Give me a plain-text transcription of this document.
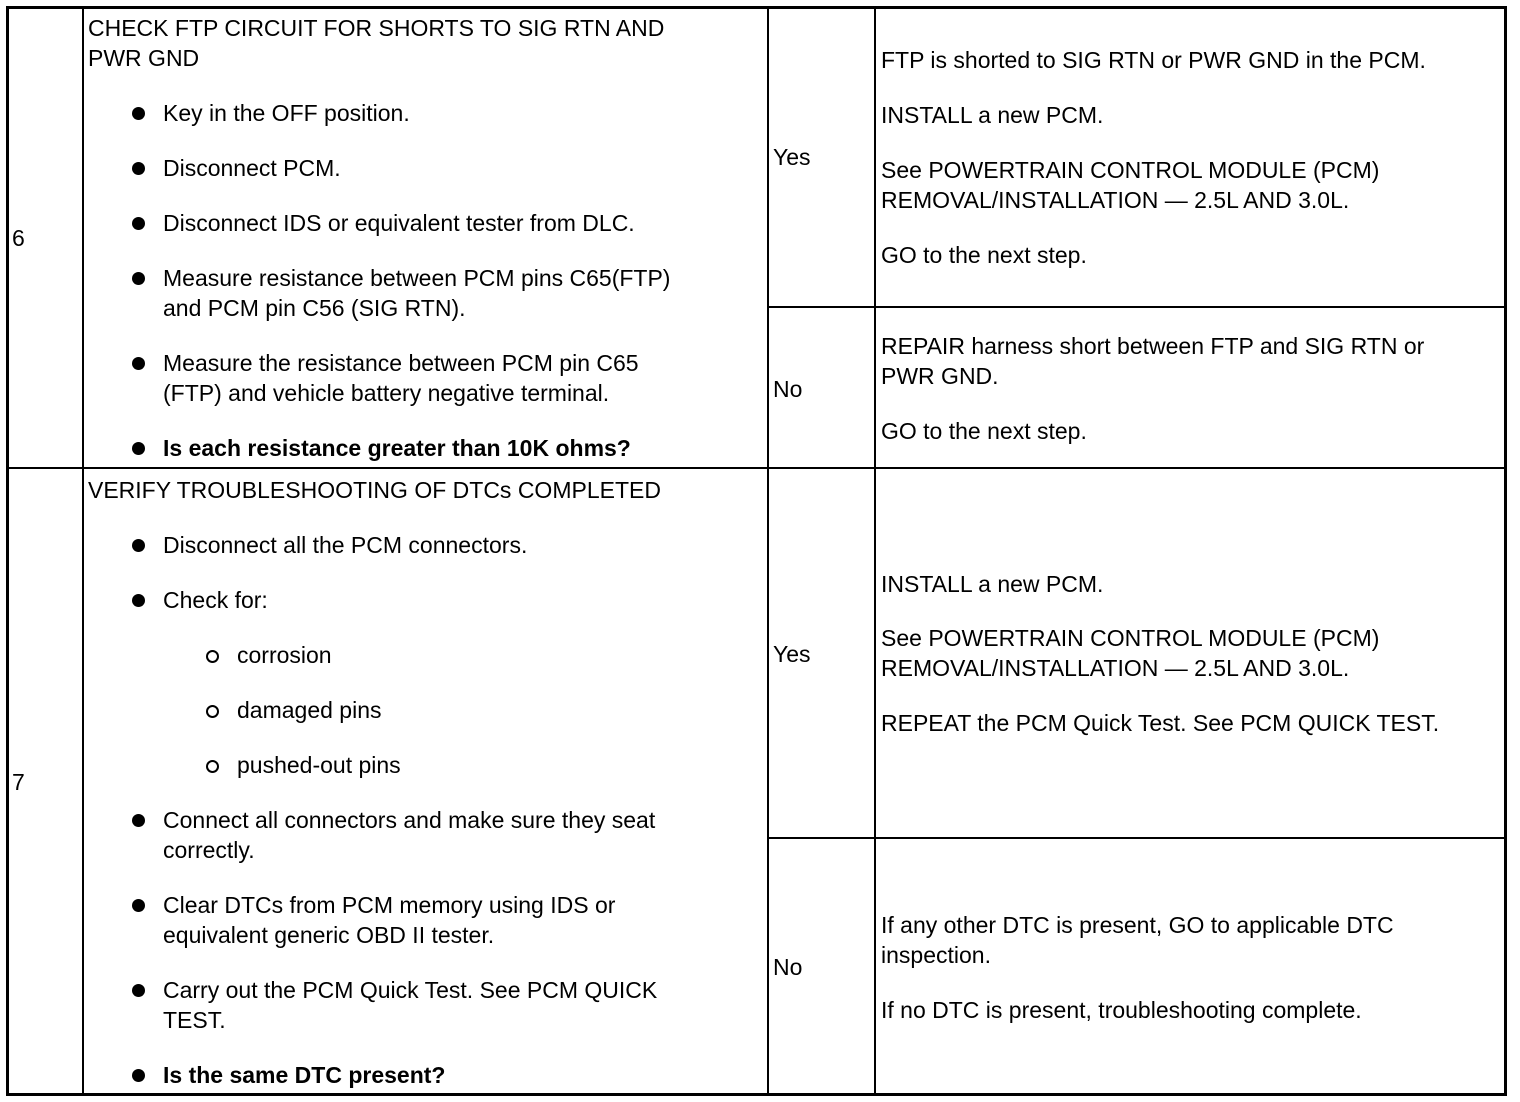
6
CHECK FTP CIRCUIT FOR SHORTS TO SIG RTN AND
PWR GND
Key in the OFF position.
Disconnect PCM.
Disconnect IDS or equivalent tester from DLC.
Measure resistance between PCM pins C65(FTP)
and PCM pin C56 (SIG RTN).
Measure the resistance between PCM pin C65
(FTP) and vehicle battery negative terminal.
Is each resistance greater than 10K ohms?
Yes
FTP is shorted to SIG RTN or PWR GND in the PCM.
INSTALL a new PCM.
See POWERTRAIN CONTROL MODULE (PCM)
REMOVAL/INSTALLATION — 2.5L AND 3.0L.
GO to the next step.
No
REPAIR harness short between FTP and SIG RTN or
PWR GND.
GO to the next step.
7
VERIFY TROUBLESHOOTING OF DTCs COMPLETED
Disconnect all the PCM connectors.
Check for:
corrosion
damaged pins
pushed-out pins
Connect all connectors and make sure they seat
correctly.
Clear DTCs from PCM memory using IDS or
equivalent generic OBD II tester.
Carry out the PCM Quick Test. See PCM QUICK
TEST.
Is the same DTC present?
Yes
INSTALL a new PCM.
See POWERTRAIN CONTROL MODULE (PCM)
REMOVAL/INSTALLATION — 2.5L AND 3.0L.
REPEAT the PCM Quick Test. See PCM QUICK TEST.
No
If any other DTC is present, GO to applicable DTC
inspection.
If no DTC is present, troubleshooting complete.
